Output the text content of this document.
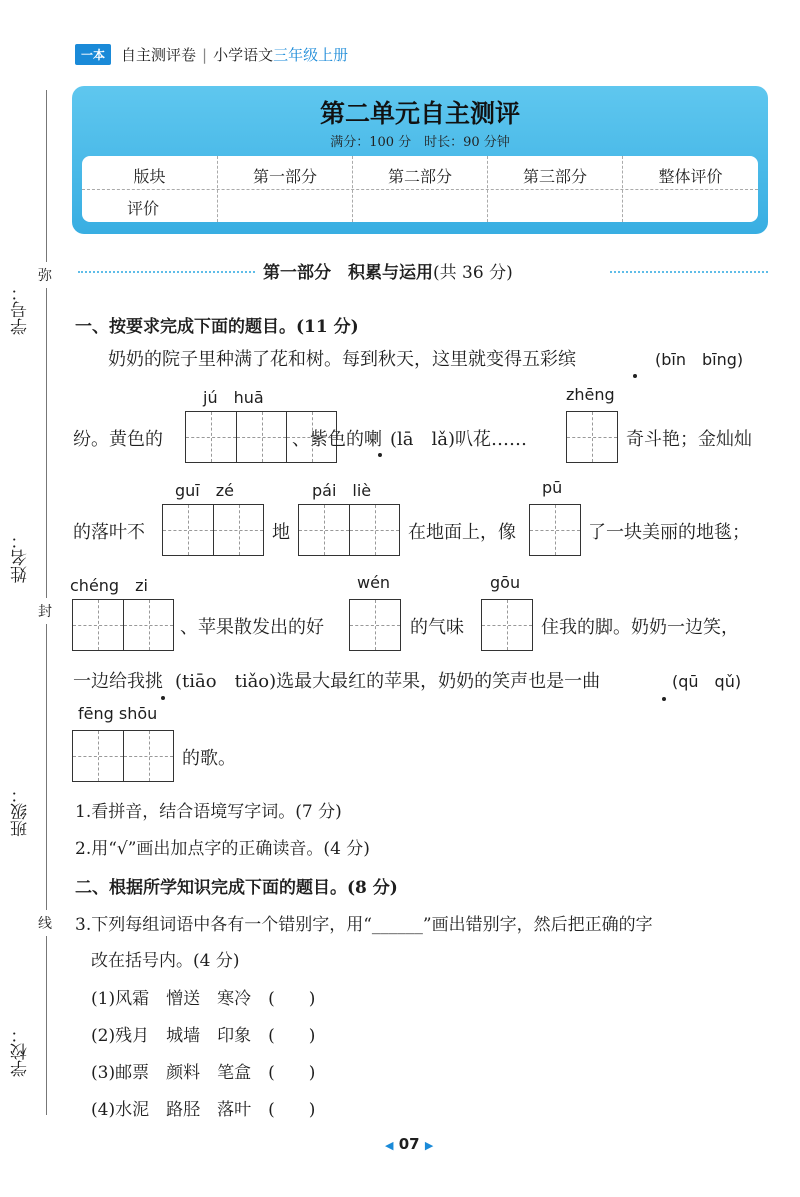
一本	自主测评卷 | 小学语文 三年级上册
第二单元自主测评
满分：100 分　时长：90 分钟
版块	第一部分	第二部分	第三部分	整体评价
评价
弥
封
线
学号：
姓名：
班级：
学校：
第一部分　积累与运用(共 36 分)
一、按要求完成下面的题目。(11 分)
奶奶的院子里种满了花和树。每到秋天，这里就变得五彩缤	(bīn　bīng)
jú　huā	zhēng
纷。黄色的	、紫色的喇 (lā　lǎ)叭花……	奇斗艳；金灿灿
guī　zé	pái　liè	pū
的落叶不	地	在地面上，像	了一块美丽的地毯；
chéng　zi	wén	gōu
、苹果散发出的好	的气味	住我的脚。奶奶一边笑，
一边给我挑 (tiāo　tiǎo)选最大最红的苹果，奶奶的笑声也是一曲	(qū　qǔ)
fēng shōu
的歌。
1.看拼音，结合语境写字词。(7 分)
2.用“√”画出加点字的正确读音。(4 分)
二、根据所学知识完成下面的题目。(8 分)
3.下列每组词语中各有一个错别字，用“______”画出错别字，然后把正确的字
改在括号内。(4 分)
(1)风霜　憎送　寒冷　(　　)
(2)残月　城墙　印象　(　　)
(3)邮票　颜料　笔盒　(　　)
(4)水泥　路胫　落叶　(　　)
◀ 07 ▶
